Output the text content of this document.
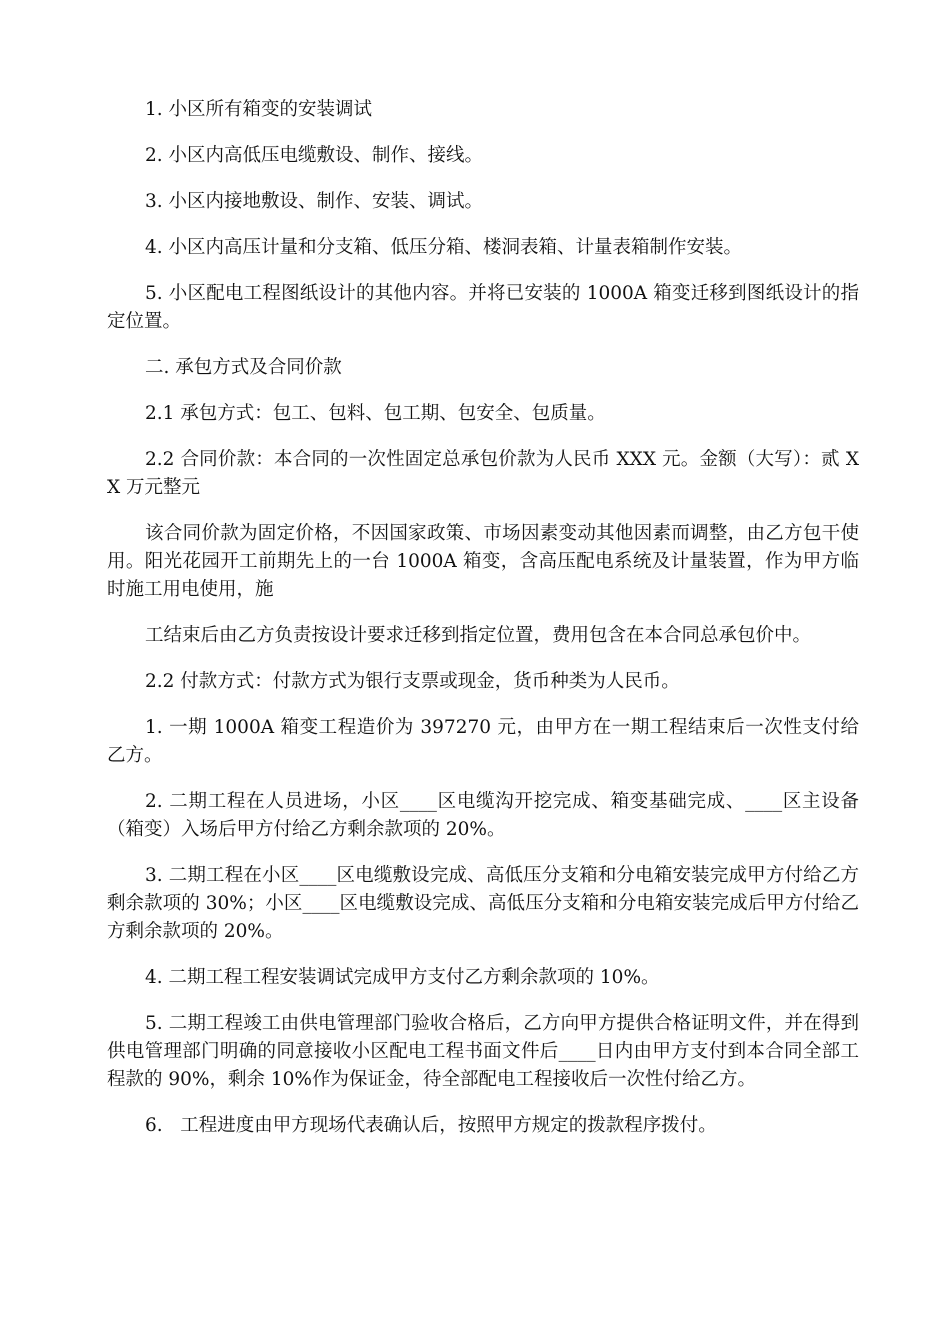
1. 小区所有箱变的安装调试

2. 小区内高低压电缆敷设、制作、接线。

3. 小区内接地敷设、制作、安装、调试。

4. 小区内高压计量和分支箱、低压分箱、楼洞表箱、计量表箱制作安装。

5. 小区配电工程图纸设计的其他内容。并将已安装的 1000A 箱变迁移到图纸设计的指定位置。

二. 承包方式及合同价款

2.1 承包方式：包工、包料、包工期、包安全、包质量。

2.2 合同价款：本合同的一次性固定总承包价款为人民币 XXX 元。金额（大写）：贰 XX 万元整元

该合同价款为固定价格，不因国家政策、市场因素变动其他因素而调整，由乙方包干使用。阳光花园开工前期先上的一台 1000A 箱变，含高压配电系统及计量装置，作为甲方临时施工用电使用，施

工结束后由乙方负责按设计要求迁移到指定位置，费用包含在本合同总承包价中。

2.2 付款方式：付款方式为银行支票或现金，货币种类为人民币。

1. 一期 1000A 箱变工程造价为 397270 元，由甲方在一期工程结束后一次性支付给乙方。

2. 二期工程在人员进场，小区____区电缆沟开挖完成、箱变基础完成、____区主设备（箱变）入场后甲方付给乙方剩余款项的 20%。

3. 二期工程在小区____区电缆敷设完成、高低压分支箱和分电箱安装完成甲方付给乙方剩余款项的 30%；小区____区电缆敷设完成、高低压分支箱和分电箱安装完成后甲方付给乙方剩余款项的 20%。

4. 二期工程工程安装调试完成甲方支付乙方剩余款项的 10%。

5. 二期工程竣工由供电管理部门验收合格后，乙方向甲方提供合格证明文件，并在得到供电管理部门明确的同意接收小区配电工程书面文件后____日内由甲方支付到本合同全部工程款的 90%，剩余 10%作为保证金，待全部配电工程接收后一次性付给乙方。

6.   工程进度由甲方现场代表确认后，按照甲方规定的拨款程序拨付。
